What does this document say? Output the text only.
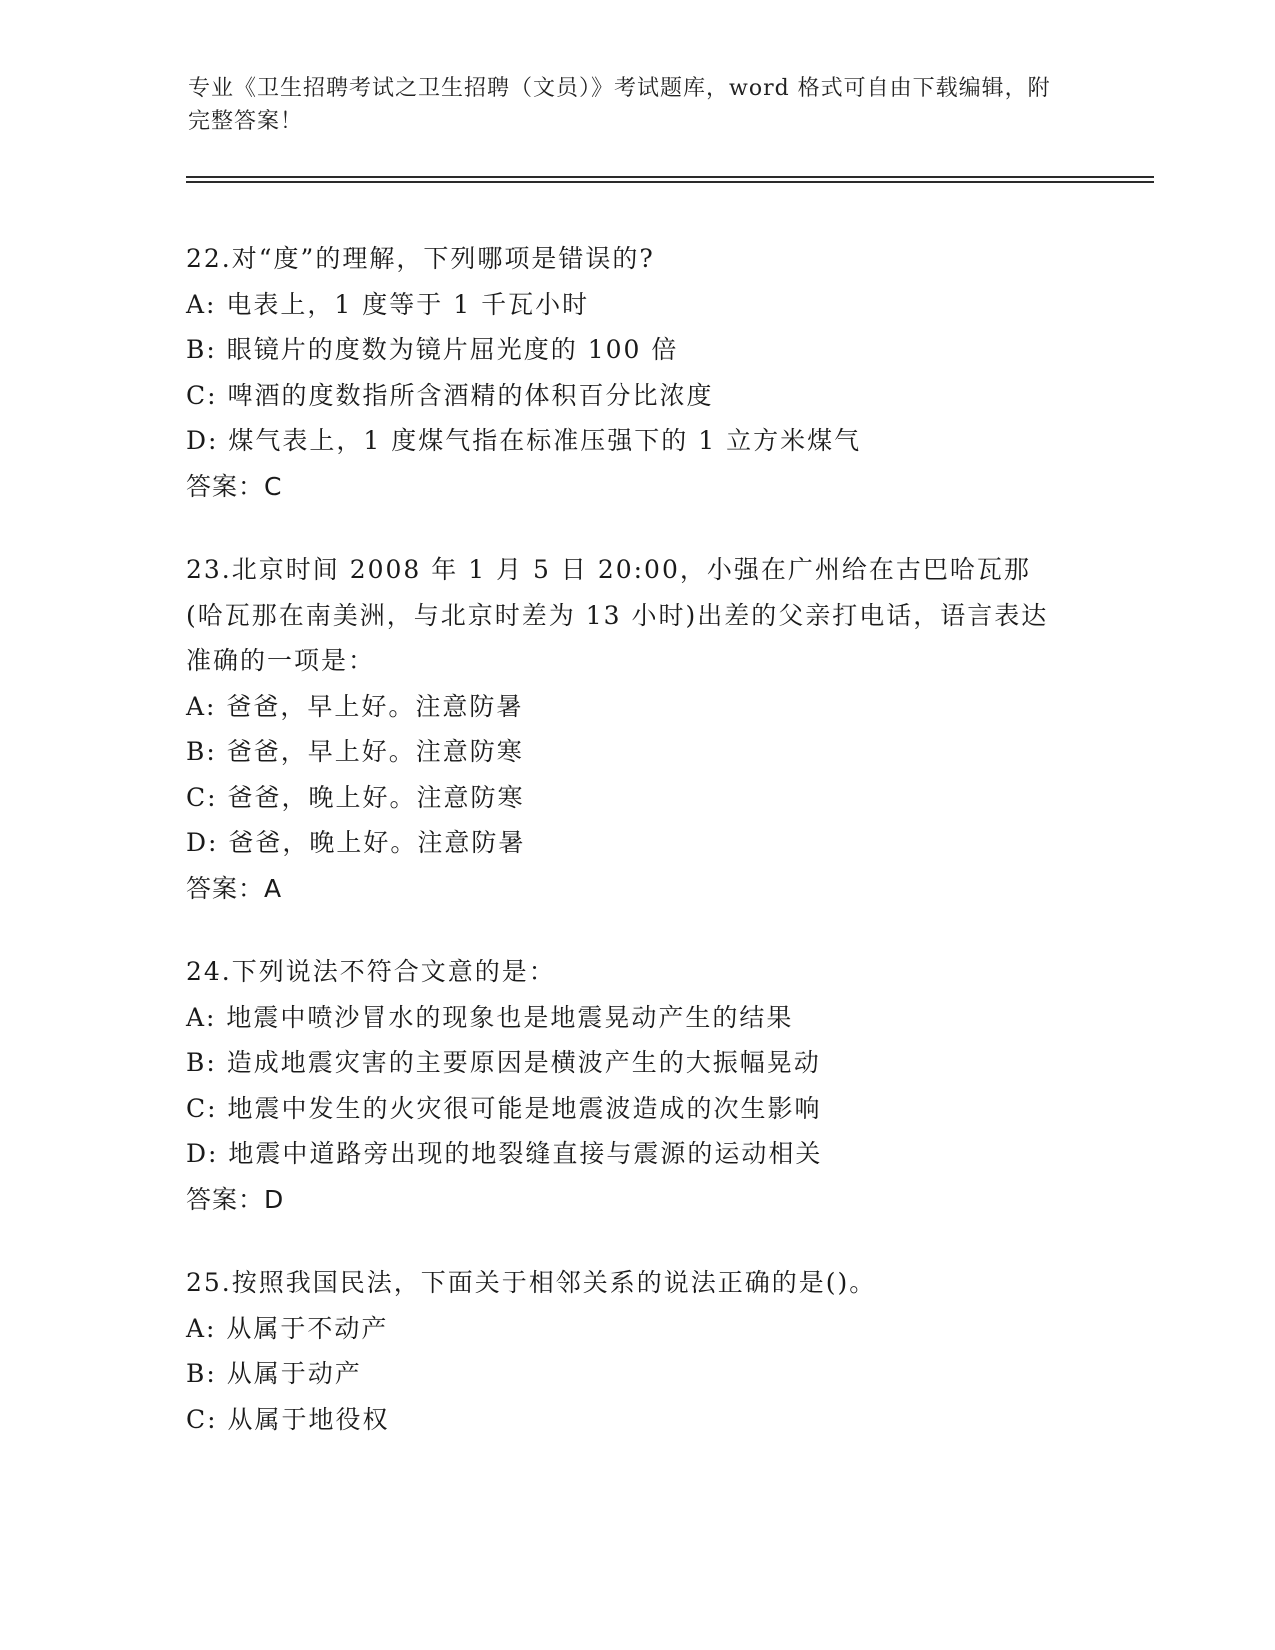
专业《卫生招聘考试之卫生招聘（文员）》考试题库，word 格式可自由下载编辑，附完整答案！
22.对“度”的理解，下列哪项是错误的?
A: 电表上，1 度等于 1 千瓦小时
B: 眼镜片的度数为镜片屈光度的 100 倍
C: 啤酒的度数指所含酒精的体积百分比浓度
D: 煤气表上，1 度煤气指在标准压强下的 1 立方米煤气
答案：C
23.北京时间 2008 年 1 月 5 日 20:00，小强在广州给在古巴哈瓦那(哈瓦那在南美洲，与北京时差为 13 小时)出差的父亲打电话，语言表达准确的一项是：
A: 爸爸，早上好。注意防暑
B: 爸爸，早上好。注意防寒
C: 爸爸，晚上好。注意防寒
D: 爸爸，晚上好。注意防暑
答案：A
24.下列说法不符合文意的是：
A: 地震中喷沙冒水的现象也是地震晃动产生的结果
B: 造成地震灾害的主要原因是横波产生的大振幅晃动
C: 地震中发生的火灾很可能是地震波造成的次生影响
D: 地震中道路旁出现的地裂缝直接与震源的运动相关
答案：D
25.按照我国民法，下面关于相邻关系的说法正确的是()。
A: 从属于不动产
B: 从属于动产
C: 从属于地役权
